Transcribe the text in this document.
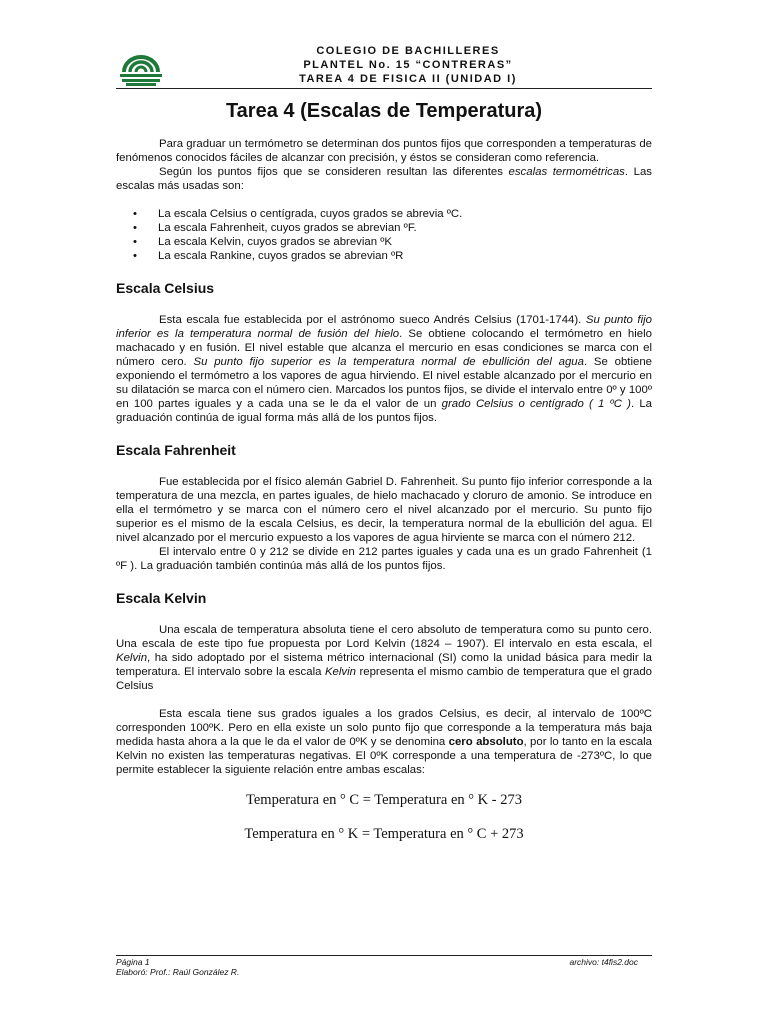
COLEGIO DE BACHILLERES
PLANTEL No. 15 “CONTRERAS”
TAREA 4 DE FISICA II (UNIDAD I)
Tarea 4 (Escalas de Temperatura)

Para graduar un termómetro se determinan dos puntos fijos que corresponden a temperaturas de fenómenos conocidos fáciles de alcanzar con precisión, y éstos se consideran como referencia.

Según los puntos fijos que se consideren resultan las diferentes escalas termométricas. Las escalas más usadas son:

• La escala Celsius o centígrada, cuyos grados se abrevia ºC.
• La escala Fahrenheit, cuyos grados se abrevian ºF.
• La escala Kelvin, cuyos grados se abrevian ºK
• La escala Rankine, cuyos grados se abrevian ºR
Escala Celsius

Esta escala fue establecida por el astrónomo sueco Andrés Celsius (1701-1744). Su punto fijo inferior es la temperatura normal de fusión del hielo. Se obtiene colocando el termómetro en hielo machacado y en fusión. El nivel estable que alcanza el mercurio en esas condiciones se marca con el número cero. Su punto fijo superior es la temperatura normal de ebullición del agua. Se obtiene exponiendo el termómetro a los vapores de agua hirviendo. El nivel estable alcanzado por el mercurio en su dilatación se marca con el número cien. Marcados los puntos fijos, se divide el intervalo entre 0º y 100º en 100 partes iguales y a cada una se le da el valor de un grado Celsius o centígrado ( 1 ºC ). La graduación continúa de igual forma más allá de los puntos fijos.

Escala Fahrenheit

Fue establecida por el físico alemán Gabriel D. Fahrenheit. Su punto fijo inferior corresponde a la temperatura de una mezcla, en partes iguales, de hielo machacado y cloruro de amonio. Se introduce en ella el termómetro y se marca con el número cero el nivel alcanzado por el mercurio. Su punto fijo superior es el mismo de la escala Celsius, es decir, la temperatura normal de la ebullición del agua. El nivel alcanzado por el mercurio expuesto a los vapores de agua hirviente se marca con el número 212.

El intervalo entre 0 y 212 se divide en 212 partes iguales y cada una es un grado Fahrenheit (1 ºF ). La graduación también continúa más allá de los puntos fijos.

Escala Kelvin

Una escala de temperatura absoluta tiene el cero absoluto de temperatura como su punto cero. Una escala de este tipo fue propuesta por Lord Kelvin (1824 – 1907). El intervalo en esta escala, el Kelvin, ha sido adoptado por el sistema métrico internacional (SI) como la unidad básica para medir la temperatura. El intervalo sobre la escala Kelvin representa el mismo cambio de temperatura que el grado Celsius

Esta escala tiene sus grados iguales a los grados Celsius, es decir, al intervalo de 100ºC corresponden 100ºK. Pero en ella existe un solo punto fijo que corresponde a la temperatura más baja medida hasta ahora a la que le da el valor de 0ºK y se denomina cero absoluto, por lo tanto en la escala Kelvin no existen las temperaturas negativas. El 0ºK corresponde a una temperatura de -273ºC, lo que permite establecer la siguiente relación entre ambas escalas:

Temperatura en ° C = Temperatura en ° K - 273
Temperatura en ° K = Temperatura en ° C + 273
Página 1
Elaboró: Prof.: Raúl González R.
archivo: t4fis2.doc
